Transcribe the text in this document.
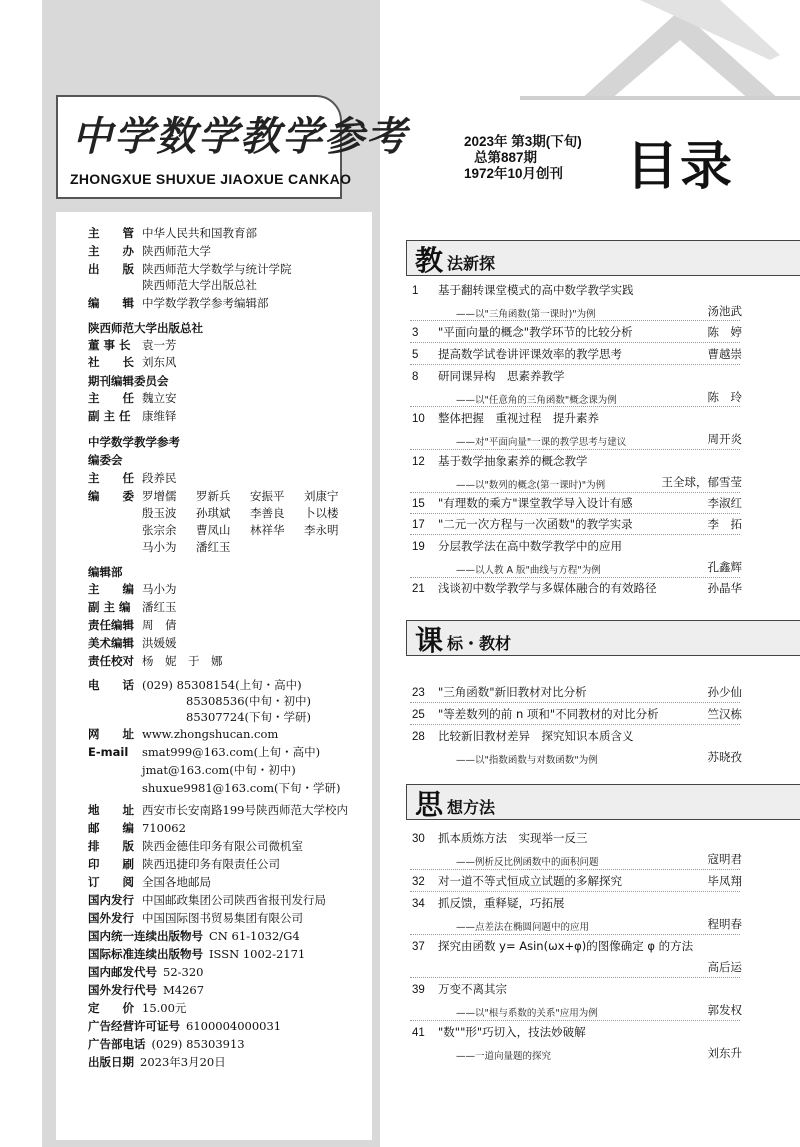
中学数学教学参考
ZHONGXUE SHUXUE JIAOXUE CANKAO
2023年 第3期(下旬)
总第887期
1972年10月创刊	目录
主　　管 中华人民共和国教育部
主　　办 陕西师范大学
出　　版 陕西师范大学数学与统计学院
陕西师范大学出版总社
编　　辑 中学数学教学参考编辑部
陕西师范大学出版总社
董 事 长 袁一芳
社　　长 刘东风
期刊编辑委员会
主　　任 魏立安
副 主 任 康维铎
中学数学教学参考
编委会
主　　任 段养民
编　　委 罗增儒 罗新兵 安振平 刘康宁
殷玉波 孙琪斌 李善良 卜以楼
张宗余 曹凤山 林祥华 李永明
马小为 潘红玉
编辑部
主　　编 马小为
副 主 编 潘红玉
责任编辑 周　倩
美术编辑 洪媛媛
责任校对 杨　妮　于　娜
电　　话 (029) 85308154(上旬・高中)
85308536(中旬・初中)
85307724(下旬・学研)
网　　址 www.zhongshucan.com
E-mail smat999@163.com(上旬・高中)
jmat@163.com(中旬・初中)
shuxue9981@163.com(下旬・学研)
地　　址 西安市长安南路199号陕西师范大学校内
邮　　编 710062
排　　版 陕西金德佳印务有限公司微机室
印　　刷 陕西迅捷印务有限责任公司
订　　阅 全国各地邮局
国内发行 中国邮政集团公司陕西省报刊发行局
国外发行 中国国际图书贸易集团有限公司
国内统一连续出版物号 CN 61-1032/G4
国际标准连续出版物号 ISSN 1002-2171
国内邮发代号 52-320
国外发行代号 M4267
定　　价 15.00元
广告经营许可证号 6100004000031
广告部电话 (029) 85303913
出版日期 2023年3月20日
教 法新探
1 基于翻转课堂模式的高中数学教学实践
——以"三角函数(第一课时)"为例	汤池武
3 "平面向量的概念"教学环节的比较分析	陈　婷
5 提高数学试卷讲评课效率的教学思考	曹越崇
8 研同课异构　思素养教学
——以"任意角的三角函数"概念课为例	陈　玲
10 整体把握　重视过程　提升素养
——对"平面向量"一课的教学思考与建议	周开炎
12 基于数学抽象素养的概念教学
——以"数列的概念(第一课时)"为例	王全球，郁雪莹
15 "有理数的乘方"课堂教学导入设计有感	李淑红
17 "二元一次方程与一次函数"的教学实录	李　拓
19 分层教学法在高中数学教学中的应用
——以人教 A 版"曲线与方程"为例	孔鑫辉
21 浅谈初中数学教学与多媒体融合的有效路径	孙晶华
课 标・教材
23 "三角函数"新旧教材对比分析	孙少仙
25 "等差数列的前 n 项和"不同教材的对比分析	竺汉栋
28 比较新旧教材差异　探究知识本质含义
——以"指数函数与对数函数"为例	苏晓孜
思 想方法
30 抓本质炼方法　实现举一反三
——例析反比例函数中的面积问题	寇明君
32 对一道不等式恒成立试题的多解探究	毕凤翔
34 抓反馈，重释疑，巧拓展
——点差法在椭圆问题中的应用	程明春
37 探究由函数 y= Asin(ωx+φ)的图像确定 φ 的方法
高后运
39 万变不离其宗
——以"根与系数的关系"应用为例	郭发权
41 "数""形"巧切入，技法妙破解
——一道向量题的探究	刘东升
